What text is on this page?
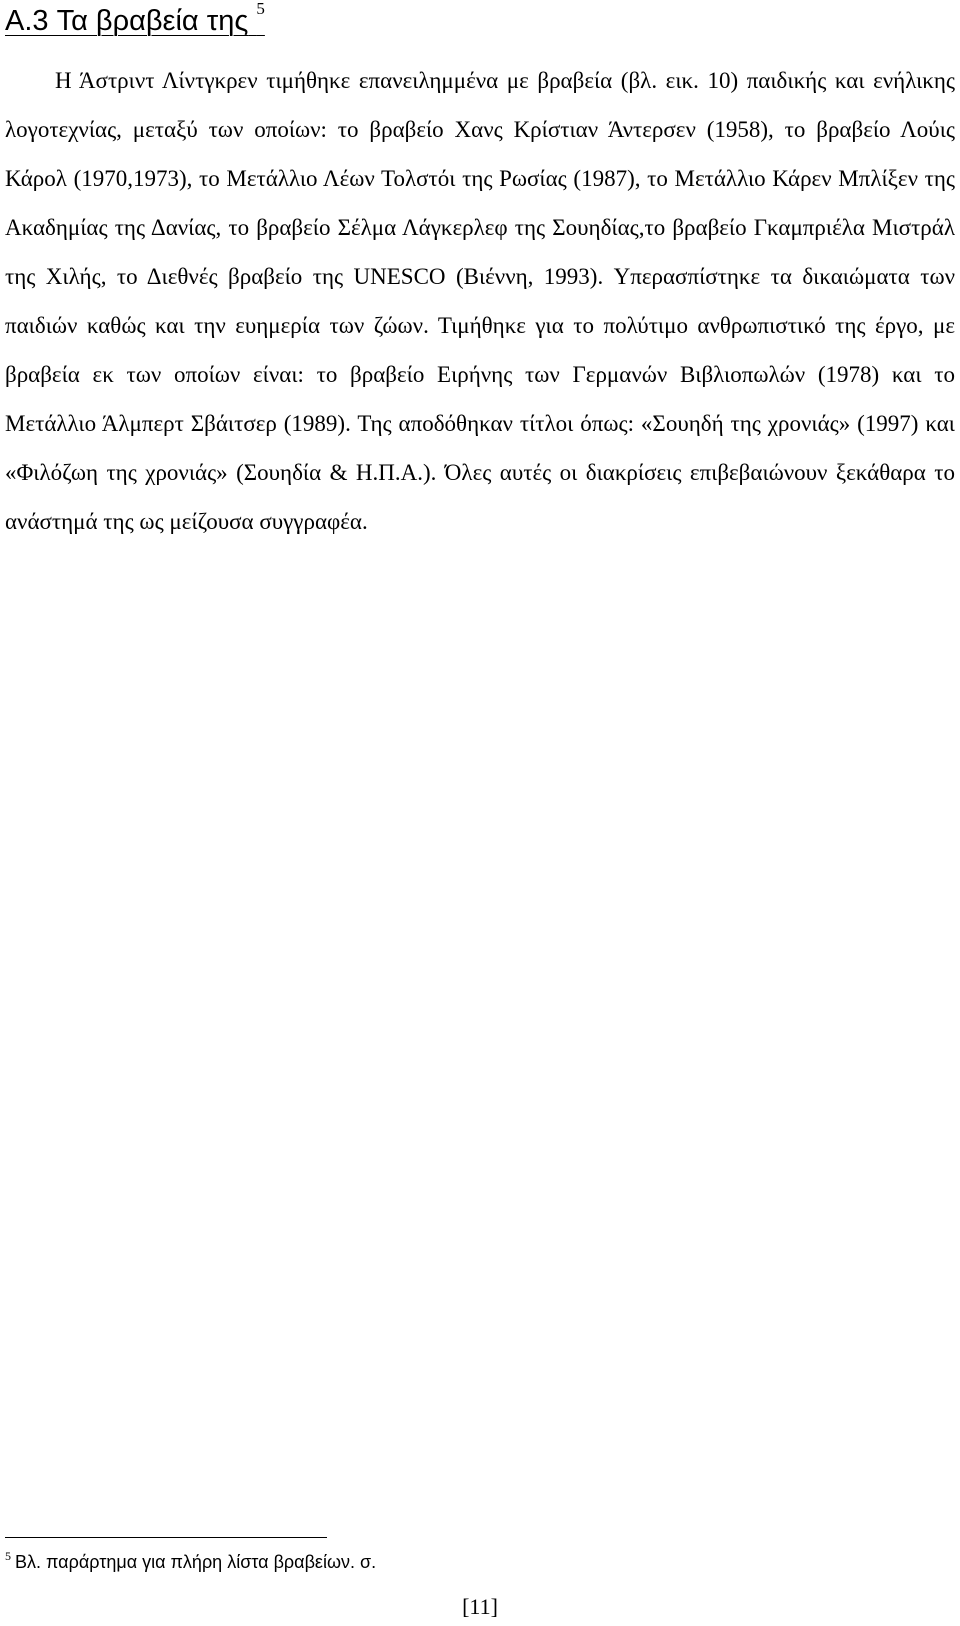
A.3 Τα βραβεία της $^5$

Η Άστριντ Λίντγκρεν τιμήθηκε επανειλημμένα με βραβεία (βλ. εικ. 10) παιδικής και ενήλικης λογοτεχνίας, μεταξύ των οποίων: το βραβείο Χανς Κρίστιαν Άντερσεν (1958), το βραβείο Λούις Κάρολ (1970,1973), το Μετάλλιο Λέων Τολστόι της Ρωσίας (1987), το Μετάλλιο Κάρεν Μπλίξεν της Ακαδημίας της Δανίας, το βραβείο Σέλμα Λάγκερλεφ της Σουηδίας,το βραβείο Γκαμπριέλα Μιστράλ της Χιλής, το Διεθνές βραβείο της UNESCO (Βιέννη, 1993). Υπερασπίστηκε τα δικαιώματα των παιδιών καθώς και την ευημερία των ζώων. Τιμήθηκε για το πολύτιμο ανθρωπιστικό της έργο, με βραβεία εκ των οποίων είναι: το βραβείο Ειρήνης των Γερμανών Βιβλιοπωλών (1978) και το Μετάλλιο Άλμπερτ Σβάιτσερ (1989). Της αποδόθηκαν τίτλοι όπως: «Σουηδή της χρονιάς» (1997) και «Φιλόζωη της χρονιάς» (Σουηδία & Η.Π.Α.). Όλες αυτές οι διακρίσεις επιβεβαιώνουν ξεκάθαρα το ανάστημά της ως μείζουσα συγγραφέα.

$^5$ Βλ. παράρτημα για πλήρη λίστα βραβείων. σ.

[11]
